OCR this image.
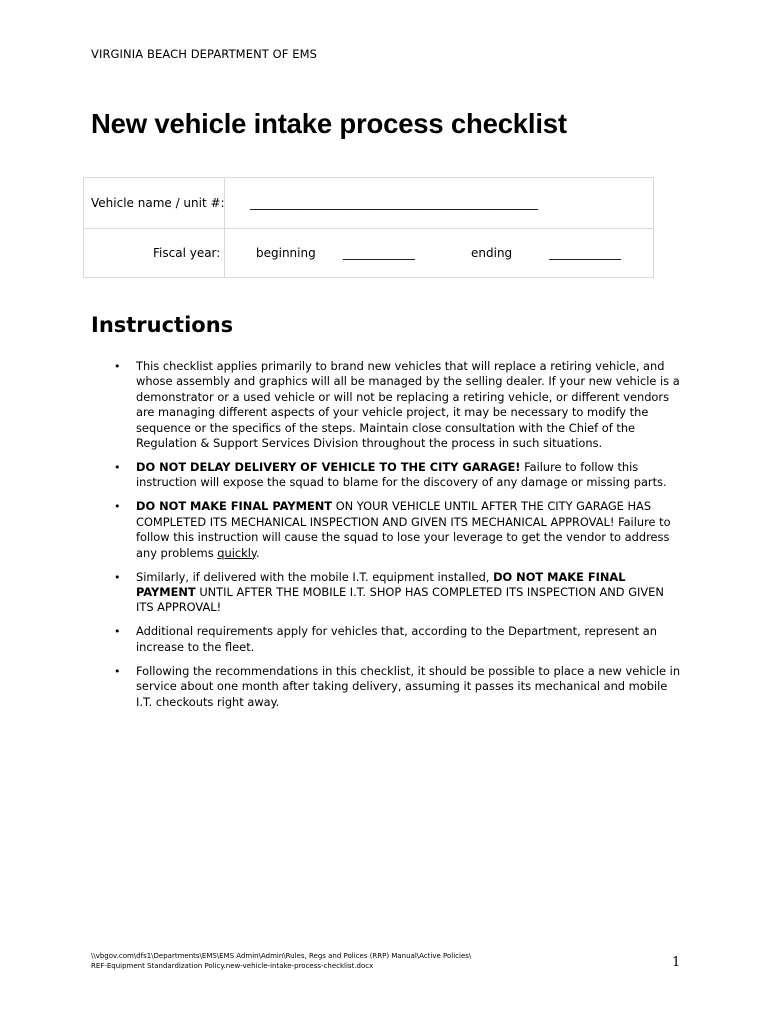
VIRGINIA BEACH DEPARTMENT OF EMS
New vehicle intake process checklist
Vehicle name / unit #: ________________________________________________
Fiscal year:	beginning ____________	ending	____________
Instructions
• This checklist applies primarily to brand new vehicles that will replace a retiring vehicle, and whose assembly and graphics will all be managed by the selling dealer. If your new vehicle is a demonstrator or a used vehicle or will not be replacing a retiring vehicle, or different vendors are managing different aspects of your vehicle project, it may be necessary to modify the sequence or the specifics of the steps. Maintain close consultation with the Chief of the Regulation & Support Services Division throughout the process in such situations.
• DO NOT DELAY DELIVERY OF VEHICLE TO THE CITY GARAGE! Failure to follow this instruction will expose the squad to blame for the discovery of any damage or missing parts.
• DO NOT MAKE FINAL PAYMENT ON YOUR VEHICLE UNTIL AFTER THE CITY GARAGE HAS COMPLETED ITS MECHANICAL INSPECTION AND GIVEN ITS MECHANICAL APPROVAL! Failure to follow this instruction will cause the squad to lose your leverage to get the vendor to address any problems quickly.
• Similarly, if delivered with the mobile I.T. equipment installed, DO NOT MAKE FINAL PAYMENT UNTIL AFTER THE MOBILE I.T. SHOP HAS COMPLETED ITS INSPECTION AND GIVEN ITS APPROVAL!
• Additional requirements apply for vehicles that, according to the Department, represent an increase to the fleet.
• Following the recommendations in this checklist, it should be possible to place a new vehicle in service about one month after taking delivery, assuming it passes its mechanical and mobile I.T. checkouts right away.
\\vbgov.com\dfs1\Departments\EMS\EMS Admin\Admin\Rules, Regs and Polices (RRP) Manual\Active Policies\
REF-Equipment Standardization Policy.new-vehicle-intake-process-checklist.docx	1
